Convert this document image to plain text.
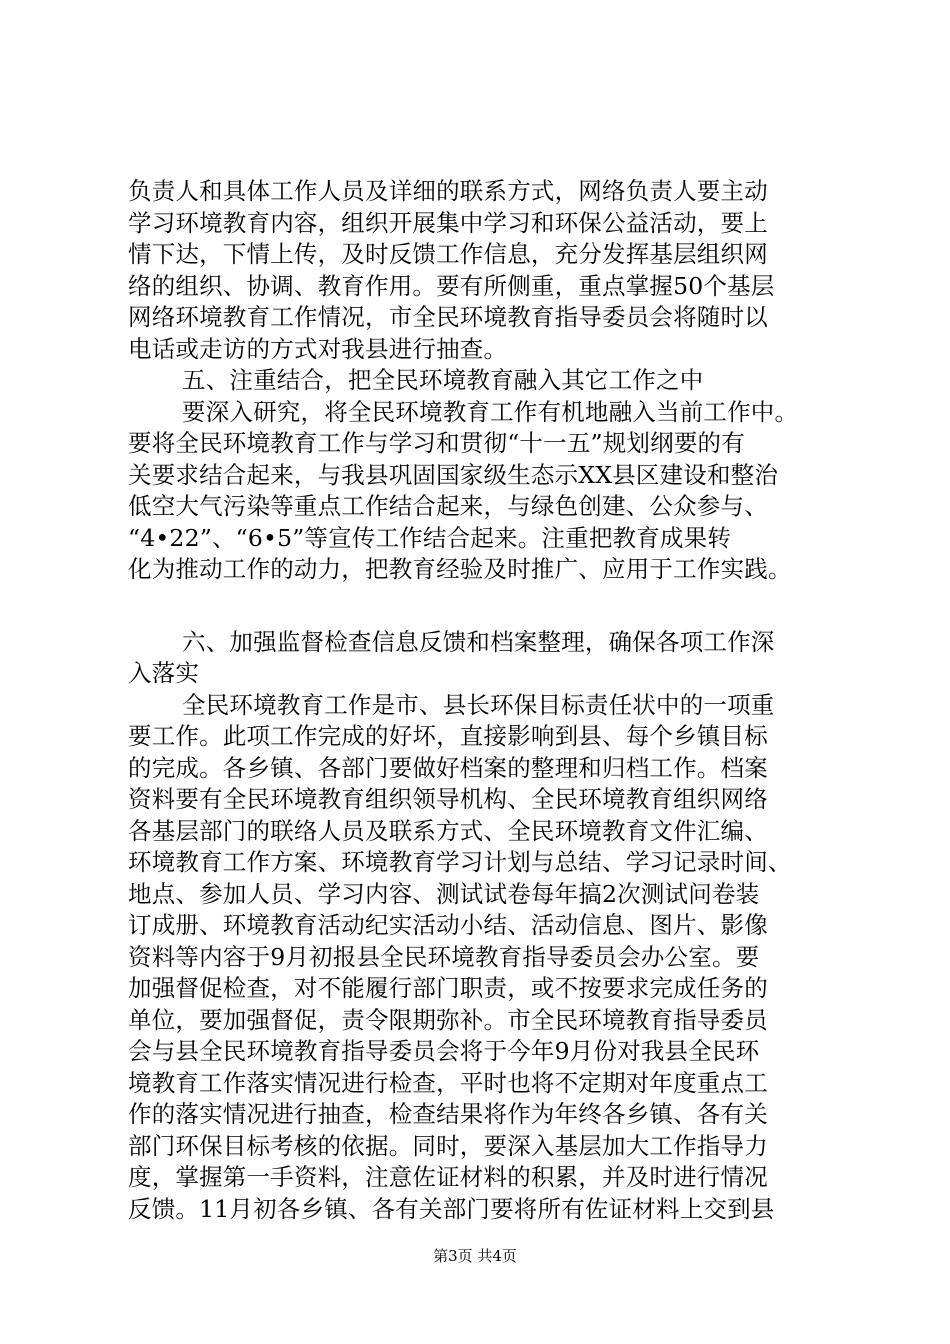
负责人和具体工作人员及详细的联系方式，网络负责人要主动
学习环境教育内容，组织开展集中学习和环保公益活动，要上
情下达，下情上传，及时反馈工作信息，充分发挥基层组织网
络的组织、协调、教育作用。要有所侧重，重点掌握50个基层
网络环境教育工作情况，市全民环境教育指导委员会将随时以
电话或走访的方式对我县进行抽查。
五、注重结合，把全民环境教育融入其它工作之中
要深入研究，将全民环境教育工作有机地融入当前工作中。
要将全民环境教育工作与学习和贯彻“十一五”规划纲要的有
关要求结合起来，与我县巩固国家级生态示XX县区建设和整治
低空大气污染等重点工作结合起来，与绿色创建、公众参与、
“4•22”、“6•5”等宣传工作结合起来。注重把教育成果转
化为推动工作的动力，把教育经验及时推广、应用于工作实践。
六、加强监督检查信息反馈和档案整理，确保各项工作深
入落实
全民环境教育工作是市、县长环保目标责任状中的一项重
要工作。此项工作完成的好坏，直接影响到县、每个乡镇目标
的完成。各乡镇、各部门要做好档案的整理和归档工作。档案
资料要有全民环境教育组织领导机构、全民环境教育组织网络
各基层部门的联络人员及联系方式、全民环境教育文件汇编、
环境教育工作方案、环境教育学习计划与总结、学习记录时间、
地点、参加人员、学习内容、测试试卷每年搞2次测试问卷装
订成册、环境教育活动纪实活动小结、活动信息、图片、影像
资料等内容于9月初报县全民环境教育指导委员会办公室。要
加强督促检查，对不能履行部门职责，或不按要求完成任务的
单位，要加强督促，责令限期弥补。市全民环境教育指导委员
会与县全民环境教育指导委员会将于今年9月份对我县全民环
境教育工作落实情况进行检查，平时也将不定期对年度重点工
作的落实情况进行抽查，检查结果将作为年终各乡镇、各有关
部门环保目标考核的依据。同时，要深入基层加大工作指导力
度，掌握第一手资料，注意佐证材料的积累，并及时进行情况
反馈。11月初各乡镇、各有关部门要将所有佐证材料上交到县
第3页 共4页
